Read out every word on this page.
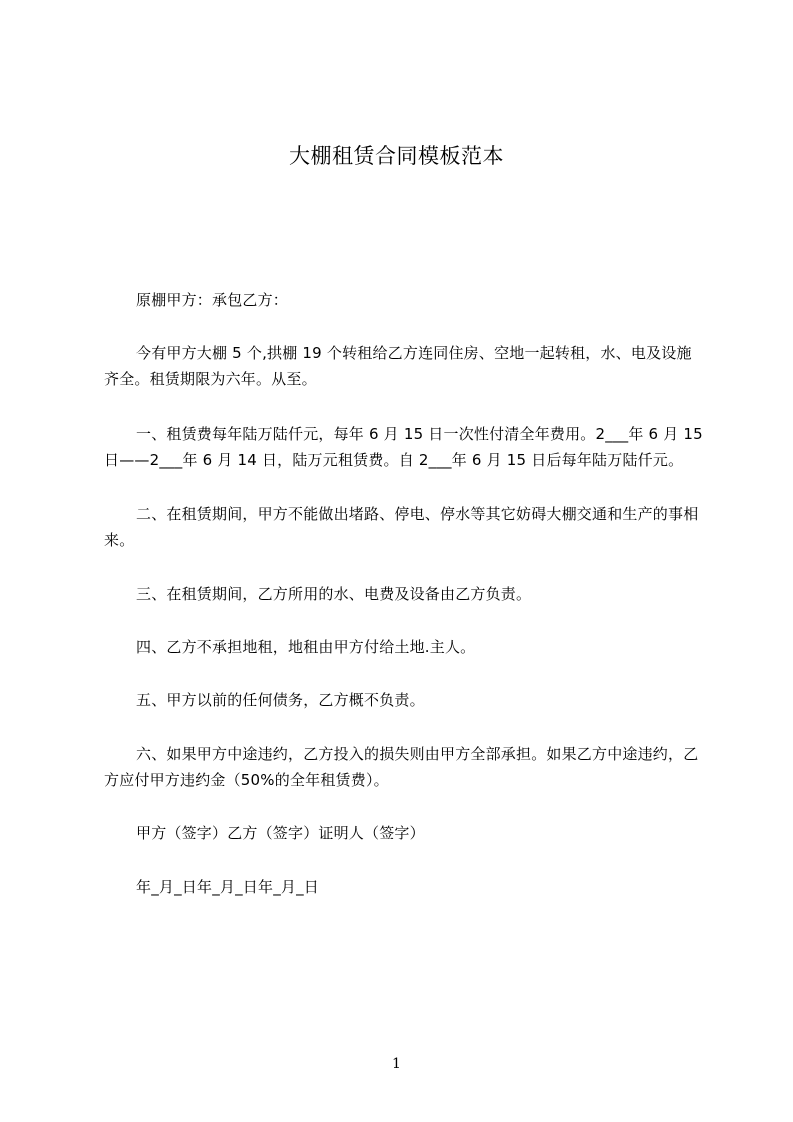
大棚租赁合同模板范本
原棚甲方：承包乙方：
今有甲方大棚 5 个,拱棚 19 个转租给乙方连同住房、空地一起转租，水、电及设施齐全。租赁期限为六年。从至。
一、租赁费每年陆万陆仟元，每年 6 月 15 日一次性付清全年费用。2___年 6 月 15 日——2___年 6 月 14 日，陆万元租赁费。自 2___年 6 月 15 日后每年陆万陆仟元。
二、在租赁期间，甲方不能做出堵路、停电、停水等其它妨碍大棚交通和生产的事相来。
三、在租赁期间，乙方所用的水、电费及设备由乙方负责。
四、乙方不承担地租，地租由甲方付给土地.主人。
五、甲方以前的任何债务，乙方概不负责。
六、如果甲方中途违约，乙方投入的损失则由甲方全部承担。如果乙方中途违约，乙方应付甲方违约金（50%的全年租赁费）。
甲方（签字）乙方（签字）证明人（签字）
年_月_日年_月_日年_月_日
1
